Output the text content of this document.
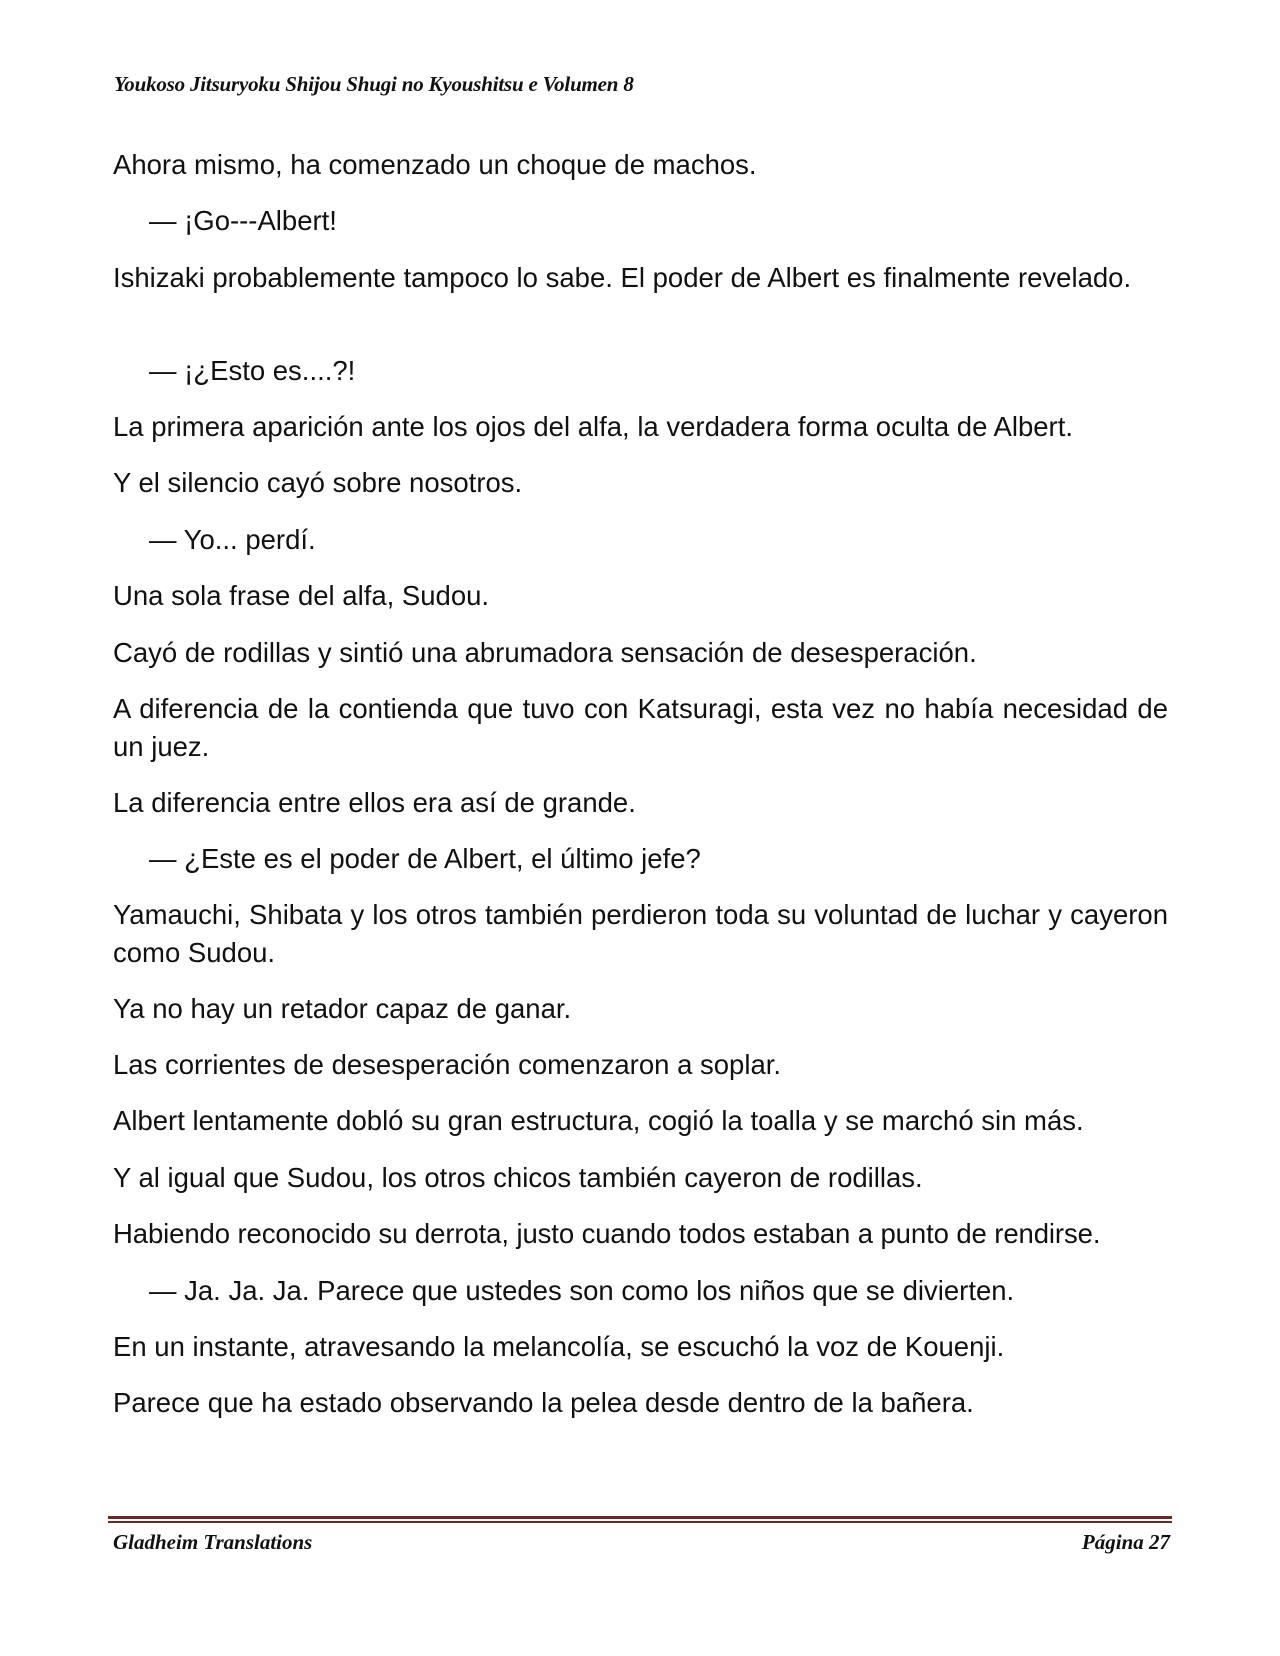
Youkoso Jitsuryoku Shijou Shugi no Kyoushitsu e Volumen 8

Ahora mismo, ha comenzado un choque de machos.

— ¡Go---Albert!

Ishizaki probablemente tampoco lo sabe. El poder de Albert es finalmente revelado.

— ¡¿Esto es....?!

La primera aparición ante los ojos del alfa, la verdadera forma oculta de Albert.

Y el silencio cayó sobre nosotros.

— Yo... perdí.

Una sola frase del alfa, Sudou.

Cayó de rodillas y sintió una abrumadora sensación de desesperación.

A diferencia de la contienda que tuvo con Katsuragi, esta vez no había necesidad de un juez.

La diferencia entre ellos era así de grande.

— ¿Este es el poder de Albert, el último jefe?

Yamauchi, Shibata y los otros también perdieron toda su voluntad de luchar y cayeron como Sudou.

Ya no hay un retador capaz de ganar.

Las corrientes de desesperación comenzaron a soplar.

Albert lentamente dobló su gran estructura, cogió la toalla y se marchó sin más.

Y al igual que Sudou, los otros chicos también cayeron de rodillas.

Habiendo reconocido su derrota, justo cuando todos estaban a punto de rendirse.

— Ja. Ja. Ja. Parece que ustedes son como los niños que se divierten.

En un instante, atravesando la melancolía, se escuchó la voz de Kouenji.

Parece que ha estado observando la pelea desde dentro de la bañera.

Gladheim Translations	Página 27
